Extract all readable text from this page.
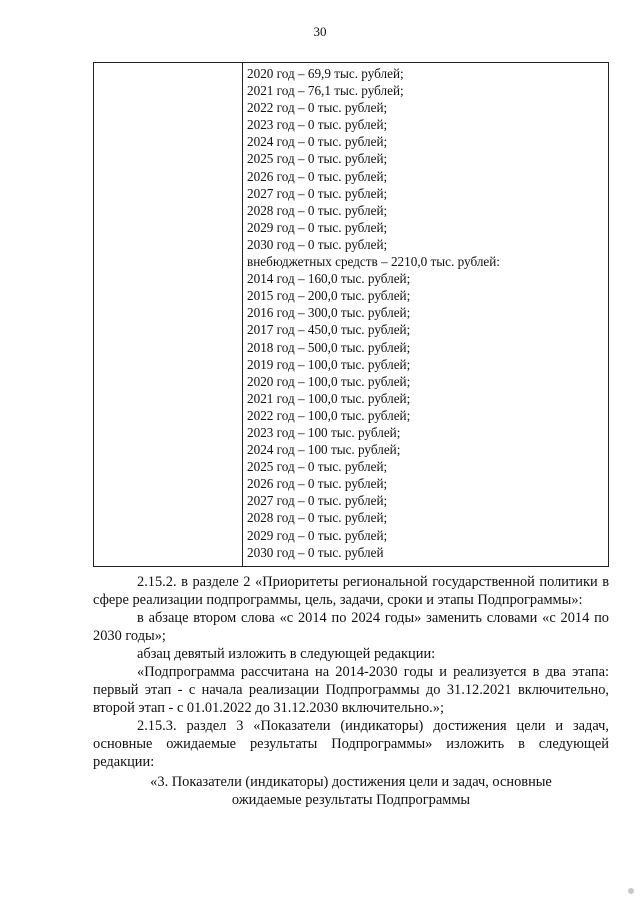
30
2020 год – 69,9 тыс. рублей;
2021 год – 76,1 тыс. рублей;
2022 год – 0 тыс. рублей;
2023 год – 0 тыс. рублей;
2024 год – 0 тыс. рублей;
2025 год – 0 тыс. рублей;
2026 год – 0 тыс. рублей;
2027 год – 0 тыс. рублей;
2028 год – 0 тыс. рублей;
2029 год – 0 тыс. рублей;
2030 год – 0 тыс. рублей;
внебюджетных средств – 2210,0 тыс. рублей:
2014 год – 160,0 тыс. рублей;
2015 год – 200,0 тыс. рублей;
2016 год – 300,0 тыс. рублей;
2017 год – 450,0 тыс. рублей;
2018 год – 500,0 тыс. рублей;
2019 год – 100,0 тыс. рублей;
2020 год – 100,0 тыс. рублей;
2021 год – 100,0 тыс. рублей;
2022 год – 100,0 тыс. рублей;
2023 год – 100 тыс. рублей;
2024 год – 100 тыс. рублей;
2025 год – 0 тыс. рублей;
2026 год – 0 тыс. рублей;
2027 год – 0 тыс. рублей;
2028 год – 0 тыс. рублей;
2029 год – 0 тыс. рублей;
2030 год – 0 тыс. рублей

2.15.2. в разделе 2 «Приоритеты региональной государственной политики в сфере реализации подпрограммы, цель, задачи, сроки и этапы Подпрограммы»:

в абзаце втором слова «с 2014 по 2024 годы» заменить словами «с 2014 по 2030 годы»;

абзац девятый изложить в следующей редакции:

«Подпрограмма рассчитана на 2014-2030 годы и реализуется в два этапа: первый этап - с начала реализации Подпрограммы до 31.12.2021 включительно, второй этап - с 01.01.2022 до 31.12.2030 включительно.»;

2.15.3. раздел 3 «Показатели (индикаторы) достижения цели и задач, основные ожидаемые результаты Подпрограммы» изложить в следующей редакции:

«3. Показатели (индикаторы) достижения цели и задач, основные
ожидаемые результаты Подпрограммы
